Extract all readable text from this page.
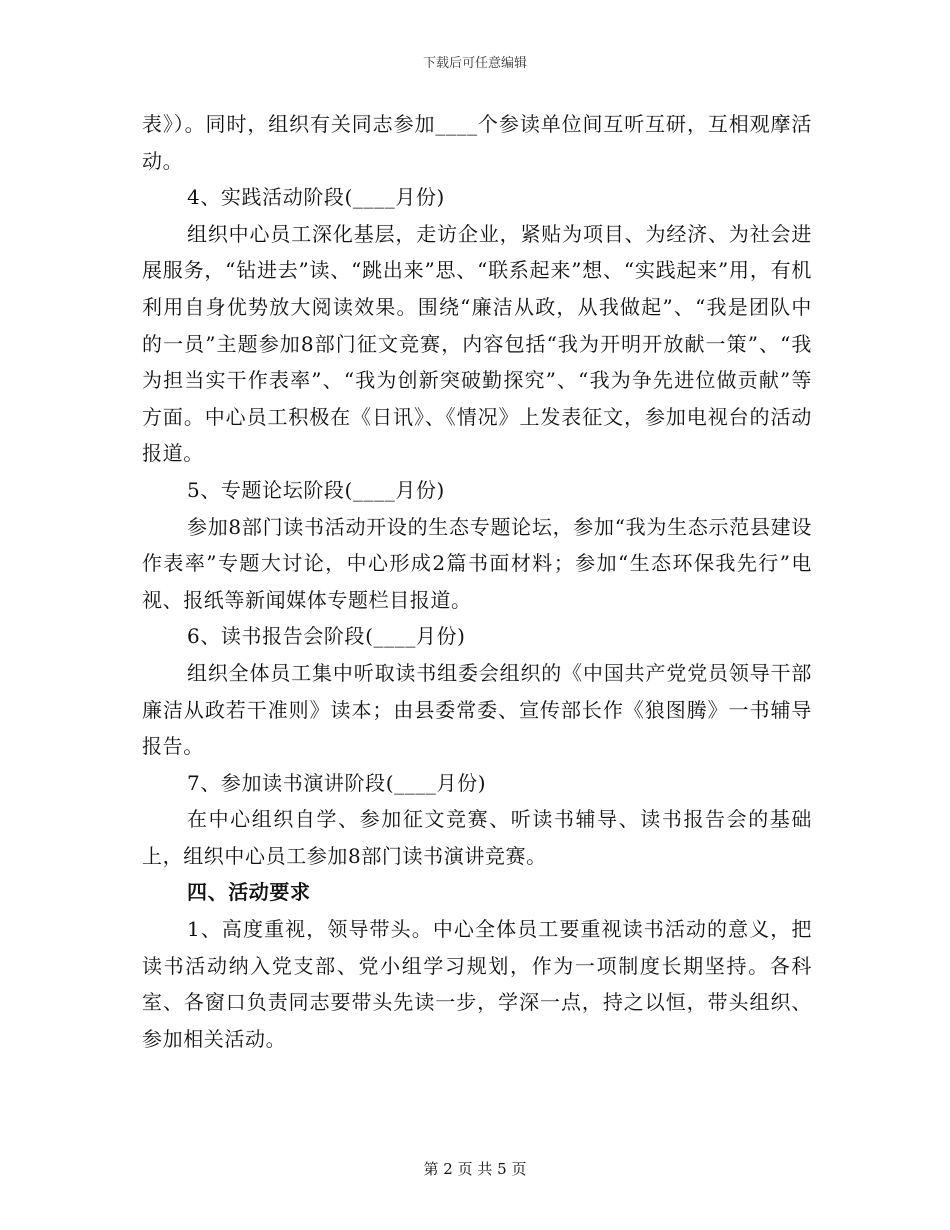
下载后可任意编辑

表》）。同时，组织有关同志参加____个参读单位间互听互研，互相观摩活动。

4、实践活动阶段(____月份)

组织中心员工深化基层，走访企业，紧贴为项目、为经济、为社会进展服务，“钻进去”读、“跳出来”思、“联系起来”想、“实践起来”用，有机利用自身优势放大阅读效果。围绕“廉洁从政，从我做起”、“我是团队中的一员”主题参加8部门征文竞赛，内容包括“我为开明开放献一策”、“我为担当实干作表率”、“我为创新突破勤探究”、“我为争先进位做贡献”等方面。中心员工积极在《日讯》、《情况》上发表征文，参加电视台的活动报道。

5、专题论坛阶段(____月份)

参加8部门读书活动开设的生态专题论坛，参加“我为生态示范县建设作表率”专题大讨论，中心形成2篇书面材料；参加“生态环保我先行”电视、报纸等新闻媒体专题栏目报道。

6、读书报告会阶段(____月份)

组织全体员工集中听取读书组委会组织的《中国共产党党员领导干部廉洁从政若干准则》读本；由县委常委、宣传部长作《狼图腾》一书辅导报告。

7、参加读书演讲阶段(____月份)

在中心组织自学、参加征文竞赛、听读书辅导、读书报告会的基础上，组织中心员工参加8部门读书演讲竞赛。

四、活动要求

1、高度重视，领导带头。中心全体员工要重视读书活动的意义，把读书活动纳入党支部、党小组学习规划，作为一项制度长期坚持。各科室、各窗口负责同志要带头先读一步，学深一点，持之以恒，带头组织、参加相关活动。

第 2 页 共 5 页
